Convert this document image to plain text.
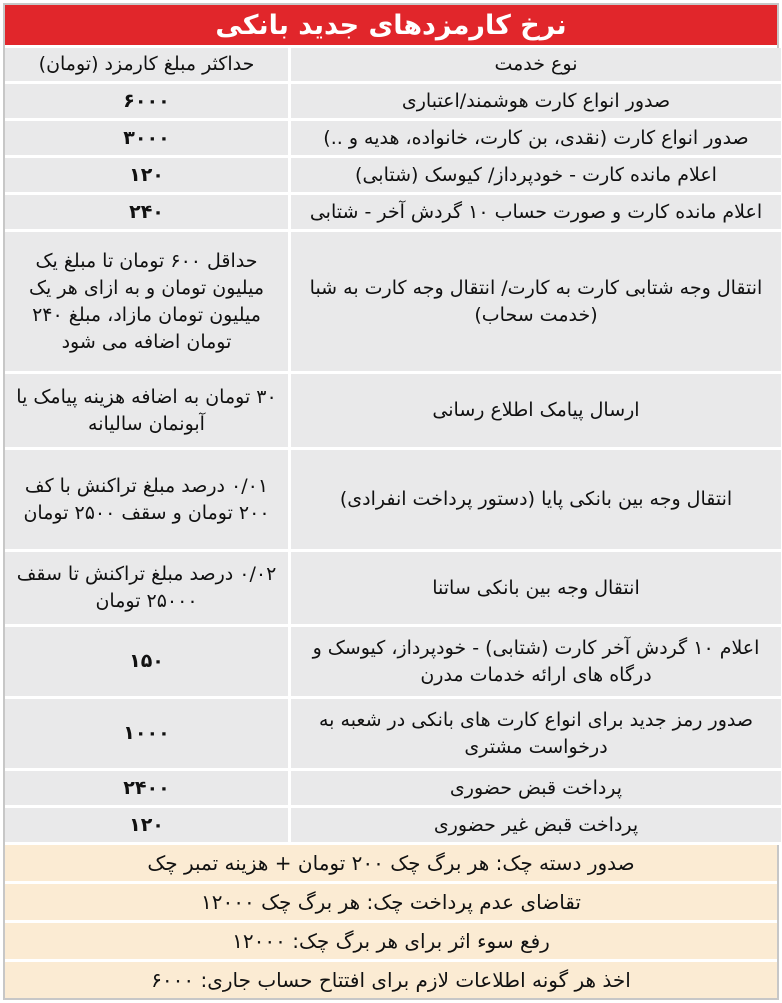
نرخ کارمزدهای جدید بانکی
نوع خدمت	حداکثر مبلغ کارمزد (تومان)
صدور انواع کارت هوشمند/اعتباری	۶۰۰۰
صدور انواع کارت (نقدی، بن کارت، خانواده، هدیه و ..)	۳۰۰۰
اعلام مانده کارت - خودپرداز/ کیوسک (شتابی)	۱۲۰
اعلام مانده کارت و صورت حساب ۱۰ گردش آخر - شتابی	۲۴۰
انتقال وجه شتابی کارت به کارت/ انتقال وجه کارت به شبا (خدمت سحاب)	حداقل ۶۰۰ تومان تا مبلغ یک میلیون تومان و به ازای هر یک میلیون تومان مازاد، مبلغ ۲۴۰ تومان اضافه می شود
ارسال پیامک اطلاع رسانی	۳۰ تومان به اضافه هزینه پیامک یا آبونمان سالیانه
انتقال وجه بین بانکی پایا (دستور پرداخت انفرادی)	۰/۰۱ درصد مبلغ تراکنش با کف ۲۰۰ تومان و سقف ۲۵۰۰ تومان
انتقال وجه بین بانکی ساتنا	۰/۰۲ درصد مبلغ تراکنش تا سقف ۲۵۰۰۰ تومان
اعلام ۱۰ گردش آخر کارت (شتابی) - خودپرداز، کیوسک و درگاه های ارائه خدمات مدرن	۱۵۰
صدور رمز جدید برای انواع کارت های بانکی در شعبه به درخواست مشتری	۱۰۰۰
پرداخت قبض حضوری	۲۴۰۰
پرداخت قبض غیر حضوری	۱۲۰
صدور دسته چک: هر برگ چک ۲۰۰ تومان + هزینه تمبر چک
تقاضای عدم پرداخت چک: هر برگ چک ۱۲۰۰۰
رفع سوء اثر برای هر برگ چک: ۱۲۰۰۰
اخذ هر گونه اطلاعات لازم برای افتتاح حساب جاری: ۶۰۰۰
